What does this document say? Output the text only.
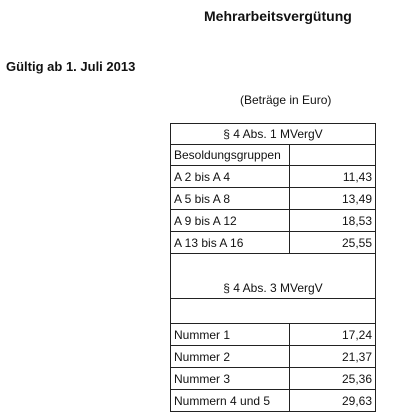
Mehrarbeitsvergütung
Gültig ab 1. Juli 2013
(Beträge in Euro)
§ 4 Abs. 1 MVergV	
Besoldungsgruppen	
A 2 bis A 4	11,43
A 5 bis A 8	13,49
A 9 bis A 12	18,53
A 13 bis A 16	25,55

§ 4 Abs. 3 MVergV	

Nummer 1	17,24
Nummer 2	21,37
Nummer 3	25,36
Nummern 4 und 5	29,63
